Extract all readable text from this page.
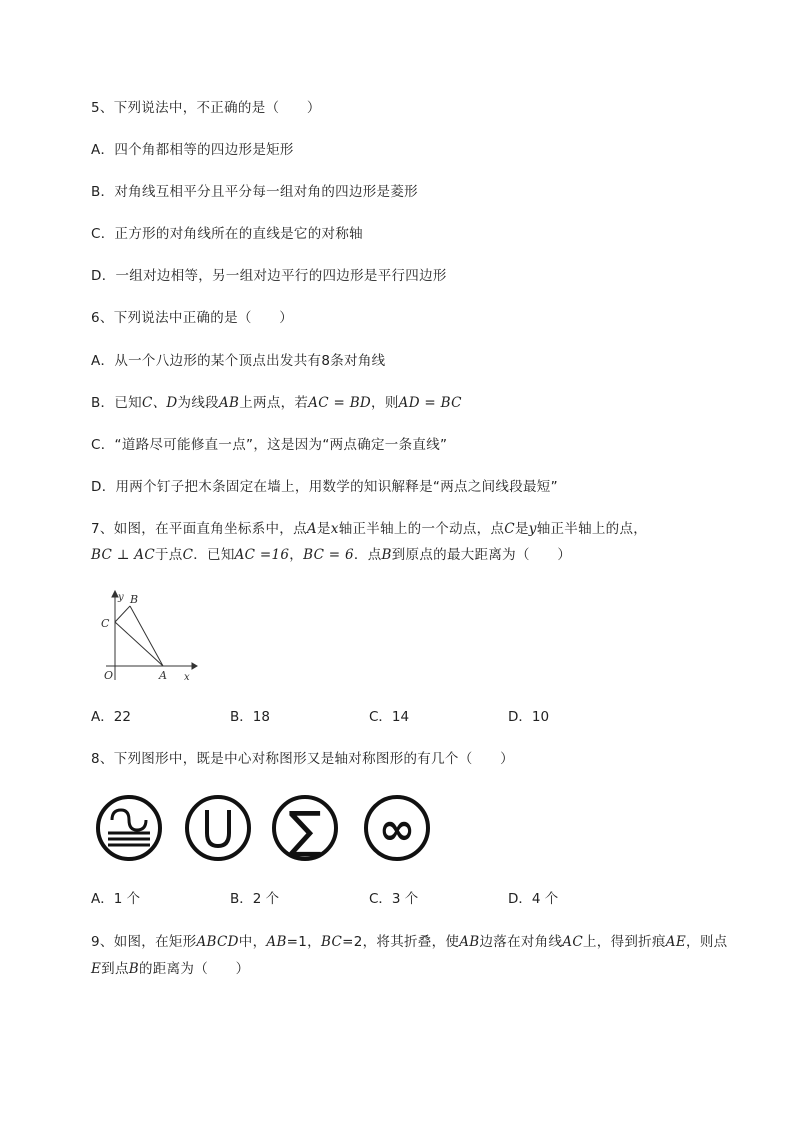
5、下列说法中，不正确的是（　　）
A．四个角都相等的四边形是矩形
B．对角线互相平分且平分每一组对角的四边形是菱形
C．正方形的对角线所在的直线是它的对称轴
D．一组对边相等，另一组对边平行的四边形是平行四边形
6、下列说法中正确的是（　　）
A．从一个八边形的某个顶点出发共有8条对角线
B．已知C、D为线段AB上两点，若AC = BD，则AD = BC
C．“道路尽可能修直一点”，这是因为“两点确定一条直线”
D．用两个钉子把木条固定在墙上，用数学的知识解释是“两点之间线段最短”
7、如图，在平面直角坐标系中，点A是x轴正半轴上的一个动点，点C是y轴正半轴上的点，
BC ⊥ AC于点C．已知AC =16，BC = 6．点B到原点的最大距离为（　　）
y B
C
O	A x
A．22	B．18	C．14	D．10
8、下列图形中，既是中心对称图形又是轴对称图形的有几个（　　）
∑ ∞
A．1 个	B．2 个	C．3 个	D．4 个
9、如图，在矩形ABCD中，AB=1，BC=2，将其折叠，使AB边落在对角线AC上，得到折痕AE，则点
E到点B的距离为（　　）
